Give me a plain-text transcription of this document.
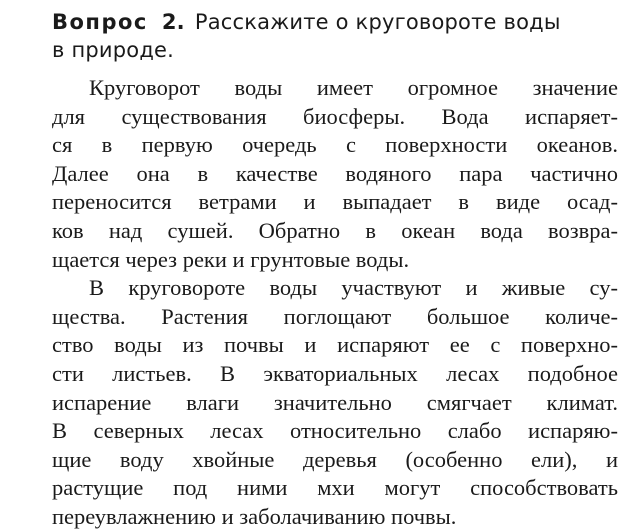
Вопрос 2. Расскажите о круговороте воды
в природе.
Круговорот воды имеет огромное значение
для существования биосферы. Вода испаряет-
ся в первую очередь с поверхности океанов.
Далее она в качестве водяного пара частично
переносится ветрами и выпадает в виде осад-
ков над сушей. Обратно в океан вода возвра-
щается через реки и грунтовые воды.
В круговороте воды участвуют и живые су-
щества. Растения поглощают большое количе-
ство воды из почвы и испаряют ее с поверхно-
сти листьев. В экваториальных лесах подобное
испарение влаги значительно смягчает климат.
В северных лесах относительно слабо испаряю-
щие воду хвойные деревья (особенно ели), и
растущие под ними мхи могут способствовать
переувлажнению и заболачиванию почвы.
